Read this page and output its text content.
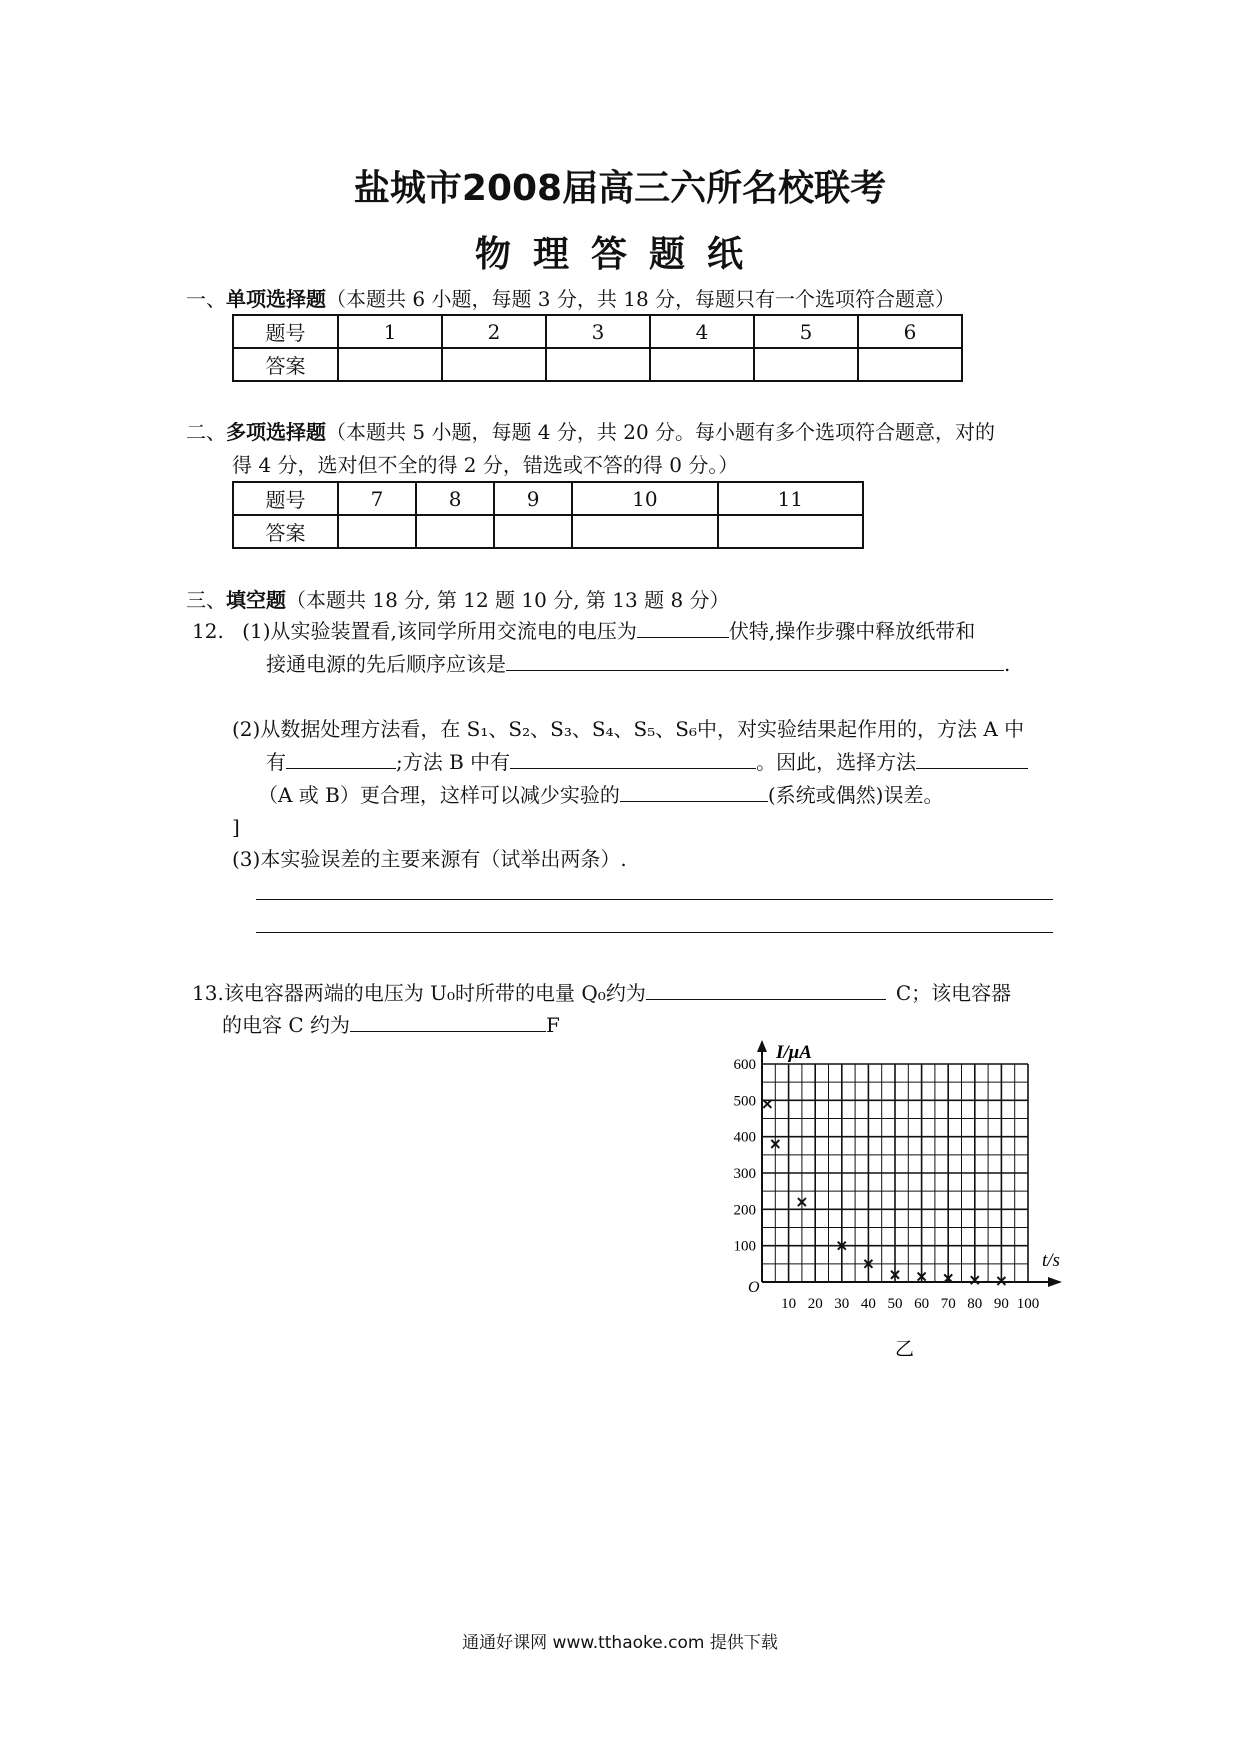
盐城市2008届高三六所名校联考
物理答题纸
一、单项选择题（本题共 6 小题，每题 3 分，共 18 分，每题只有一个选项符合题意）
题号	1	2	3	4	5	6
答案						
二、多项选择题（本题共 5 小题，每题 4 分，共 20 分。每小题有多个选项符合题意，对的
得 4 分，选对但不全的得 2 分，错选或不答的得 0 分。）
题号	7	8	9	10	11
答案					
三、填空题（本题共 18 分, 第 12 题 10 分, 第 13 题 8 分）
12. (1)从实验装置看,该同学所用交流电的电压为	伏特,操作步骤中释放纸带和
接通电源的先后顺序应该是	.
(2)从数据处理方法看，在 S₁、S₂、S₃、S₄、S₅、S₆中，对实验结果起作用的，方法 A 中
有	;方法 B 中有	。因此，选择方法
（A 或 B）更合理，这样可以减少实验的	(系统或偶然)误差。
]
(3)本实验误差的主要来源有（试举出两条）.
13.该电容器两端的电压为 U₀时所带的电量 Q₀约为	C；该电容器
的电容 C 约为	F
10 20 30 40 50 60 70 80 90 100
100
200
300
400
500
600
I/μA
t/s
O
乙
通通好课网 www.tthaoke.com 提供下载
